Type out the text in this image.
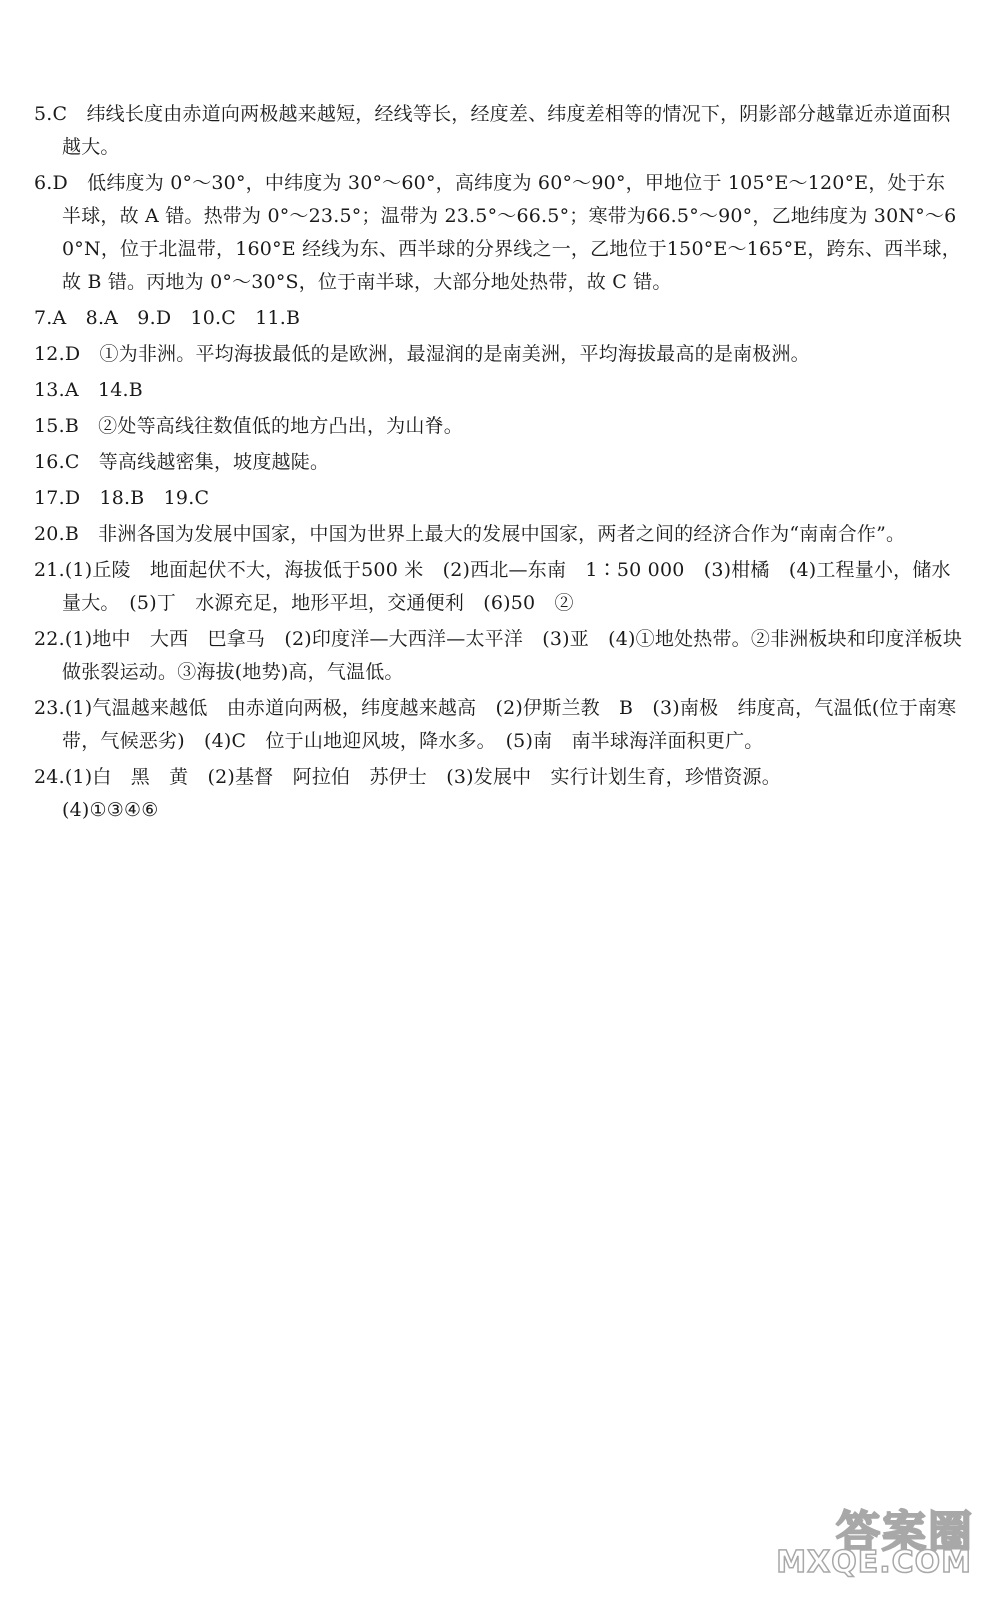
5.C　纬线长度由赤道向两极越来越短，经线等长，经度差、纬度差相等的情况下，阴影部分越靠近赤道面积越大。

6.D　低纬度为 0°～30°，中纬度为 30°～60°，高纬度为 60°～90°，甲地位于 105°E～120°E，处于东半球，故 A 错。热带为 0°～23.5°；温带为 23.5°～66.5°；寒带为66.5°～90°，乙地纬度为 30N°～60°N，位于北温带，160°E 经线为东、西半球的分界线之一，乙地位于150°E～165°E，跨东、西半球，故 B 错。丙地为 0°～30°S，位于南半球，大部分地处热带，故 C 错。

7.A　8.A　9.D　10.C　11.B

12.D　①为非洲。平均海拔最低的是欧洲，最湿润的是南美洲，平均海拔最高的是南极洲。

13.A　14.B

15.B　②处等高线往数值低的地方凸出，为山脊。

16.C　等高线越密集，坡度越陡。

17.D　18.B　19.C

20.B　非洲各国为发展中国家，中国为世界上最大的发展中国家，两者之间的经济合作为“南南合作”。

21.(1)丘陵　地面起伏不大，海拔低于500 米　(2)西北—东南　1∶50 000　(3)柑橘　(4)工程量小，储水量大。　(5)丁　水源充足，地形平坦，交通便利　(6)50　②

22.(1)地中　大西　巴拿马　(2)印度洋—大西洋—太平洋　(3)亚　(4)①地处热带。②非洲板块和印度洋板块做张裂运动。③海拔(地势)高，气温低。

23.(1)气温越来越低　由赤道向两极，纬度越来越高　(2)伊斯兰教　B　(3)南极　纬度高，气温低(位于南寒带，气候恶劣)　(4)C　位于山地迎风坡，降水多。　(5)南　南半球海洋面积更广。

24.(1)白　黑　黄　(2)基督　阿拉伯　苏伊士　(3)发展中　实行计划生育，珍惜资源。
(4)①③④⑥

答案圈
MXQE.COM
